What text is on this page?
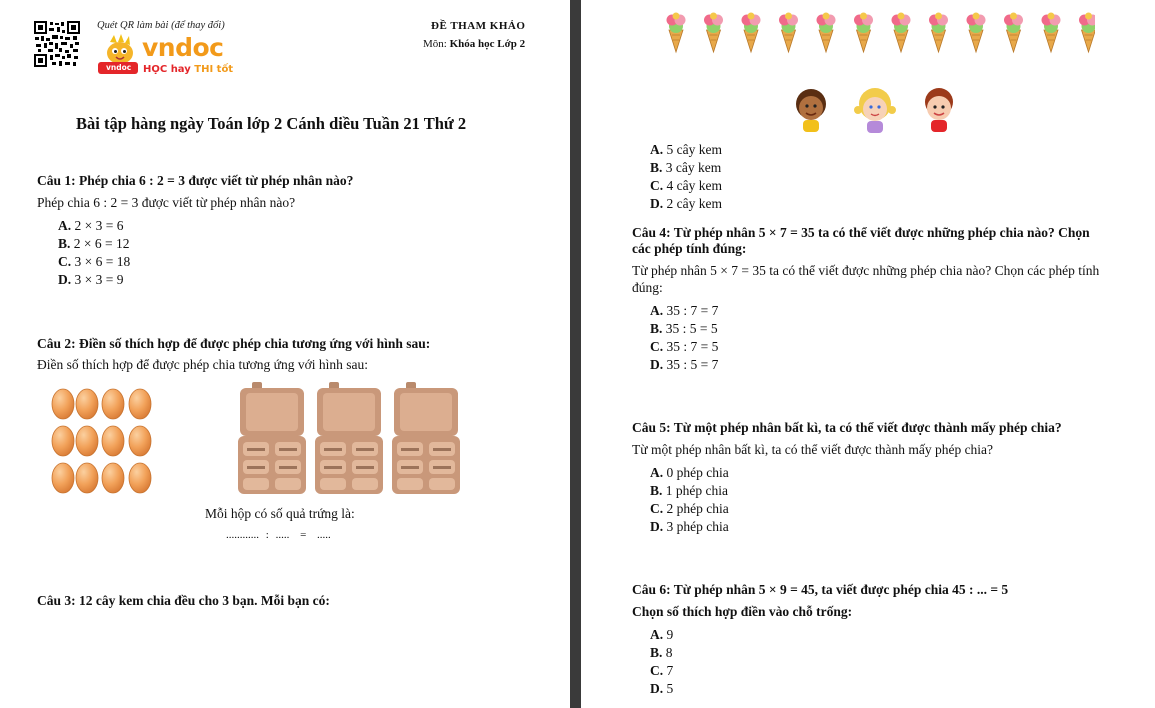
Quét QR làm bài (để thay đổi)
vndoc
vndoc
HỌC hay THI tốt
ĐỀ THAM KHẢO
Môn: Khóa học Lớp 2
Bài tập hàng ngày Toán lớp 2 Cánh diều Tuần 21 Thứ 2
Câu 1: Phép chia 6 : 2 = 3 được viết từ phép nhân nào?
Phép chia 6 : 2 = 3 được viết từ phép nhân nào?
A. 2 × 3 = 6
B. 2 × 6 = 12
C. 3 × 6 = 18
D. 3 × 3 = 9
Câu 2: Điền số thích hợp để được phép chia tương ứng với hình sau:
Điền số thích hợp để được phép chia tương ứng với hình sau:
Mỗi hộp có số quả trứng là:
............ : ..... = .....
Câu 3: 12 cây kem chia đều cho 3 bạn. Mỗi bạn có:
A. 5 cây kem
B. 3 cây kem
C. 4 cây kem
D. 2 cây kem
Câu 4: Từ phép nhân 5 × 7 = 35 ta có thể viết được những phép chia nào? Chọn
các phép tính đúng:
Từ phép nhân 5 × 7 = 35 ta có thể viết được những phép chia nào? Chọn các phép tính
đúng:
A. 35 : 7 = 7
B. 35 : 5 = 5
C. 35 : 7 = 5
D. 35 : 5 = 7
Câu 5: Từ một phép nhân bất kì, ta có thể viết được thành mấy phép chia?
Từ một phép nhân bất kì, ta có thể viết được thành mấy phép chia?
A. 0 phép chia
B. 1 phép chia
C. 2 phép chia
D. 3 phép chia
Câu 6: Từ phép nhân 5 × 9 = 45, ta viết được phép chia 45 : ... = 5
Chọn số thích hợp điền vào chỗ trống:
A. 9
B. 8
C. 7
D. 5
